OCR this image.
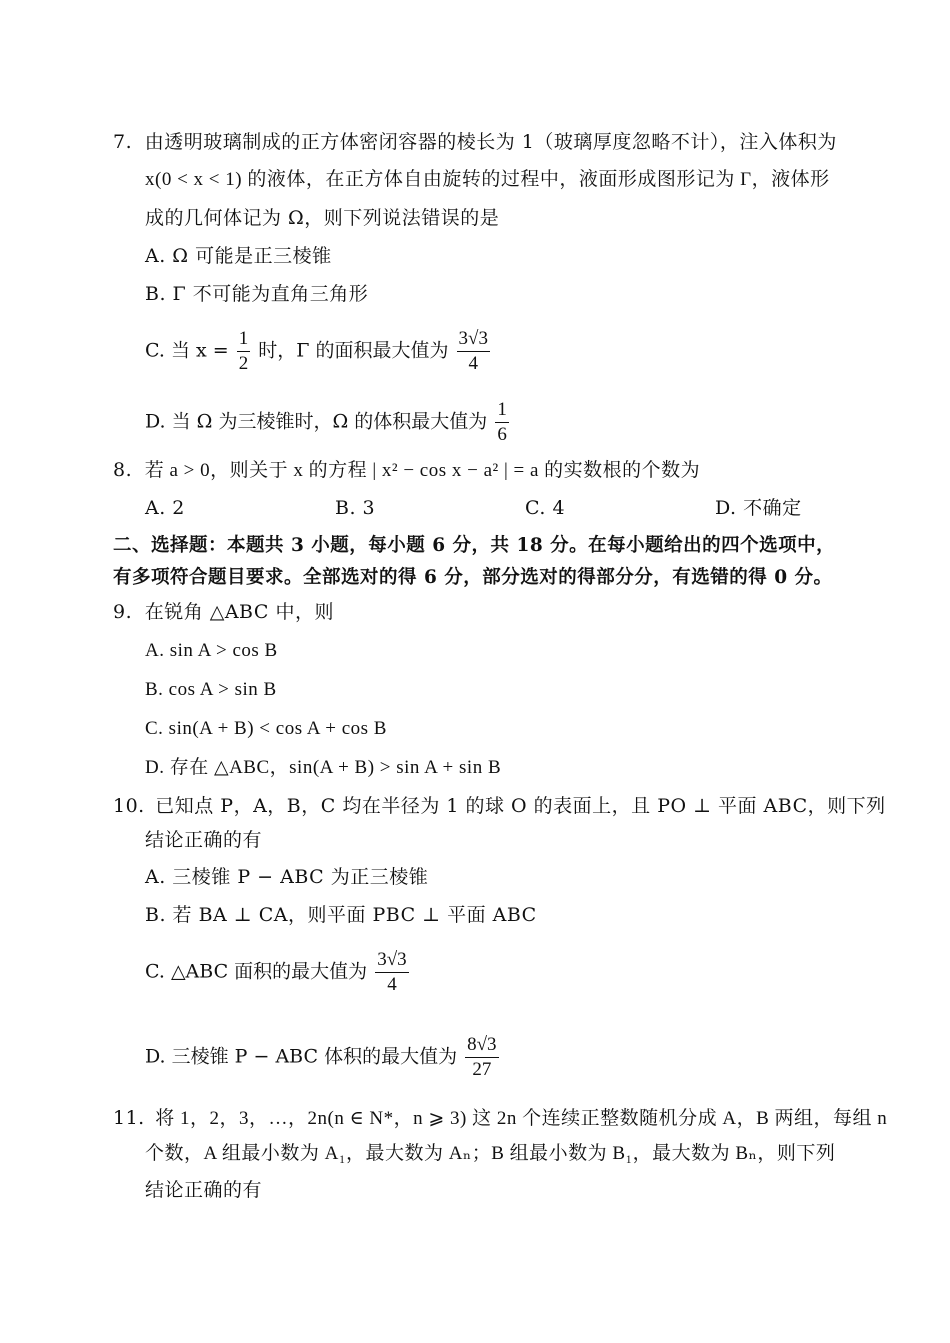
7. 由透明玻璃制成的正方体密闭容器的棱长为 1（玻璃厚度忽略不计），注入体积为
x(0 < x < 1) 的液体，在正方体自由旋转的过程中，液面形成图形记为 Γ，液体形
成的几何体记为 Ω，则下列说法错误的是
A. Ω 可能是正三棱锥
B. Γ 不可能为直角三角形
C. 当 $x = \frac{1}{2}$ 时，Γ 的面积最大值为 $\frac{3√3}{4}$
D. 当 Ω 为三棱锥时，Ω 的体积最大值为 $\frac{1}{6}$
8. 若 a > 0，则关于 x 的方程 | x² − cos x − a² | = a 的实数根的个数为
A. 2	B. 3	C. 4	D. 不确定
二、选择题：本题共 3 小题，每小题 6 分，共 18 分。在每小题给出的四个选项中，
有多项符合题目要求。全部选对的得 6 分，部分选对的得部分分，有选错的得 0 分。
9. 在锐角 △ABC 中，则
A. sin A > cos B
B. cos A > sin B
C. sin(A + B) < cos A + cos B
D. 存在 △ABC，sin(A + B) > sin A + sin B
10. 已知点 P，A，B，C 均在半径为 1 的球 O 的表面上，且 PO ⊥ 平面 ABC，则下列
结论正确的有
A. 三棱锥 P − ABC 为正三棱锥
B. 若 BA ⊥ CA，则平面 PBC ⊥ 平面 ABC
C. △ABC 面积的最大值为 $\frac{3√3}{4}$
D. 三棱锥 P − ABC 体积的最大值为 $\frac{8√3}{27}$
11. 将 1，2，3，…，2n(n ∈ N*，n ⩾ 3) 这 2n 个连续正整数随机分成 A，B 两组，每组 n
个数，A 组最小数为 A₁，最大数为 Aₙ；B 组最小数为 B₁，最大数为 Bₙ，则下列
结论正确的有
